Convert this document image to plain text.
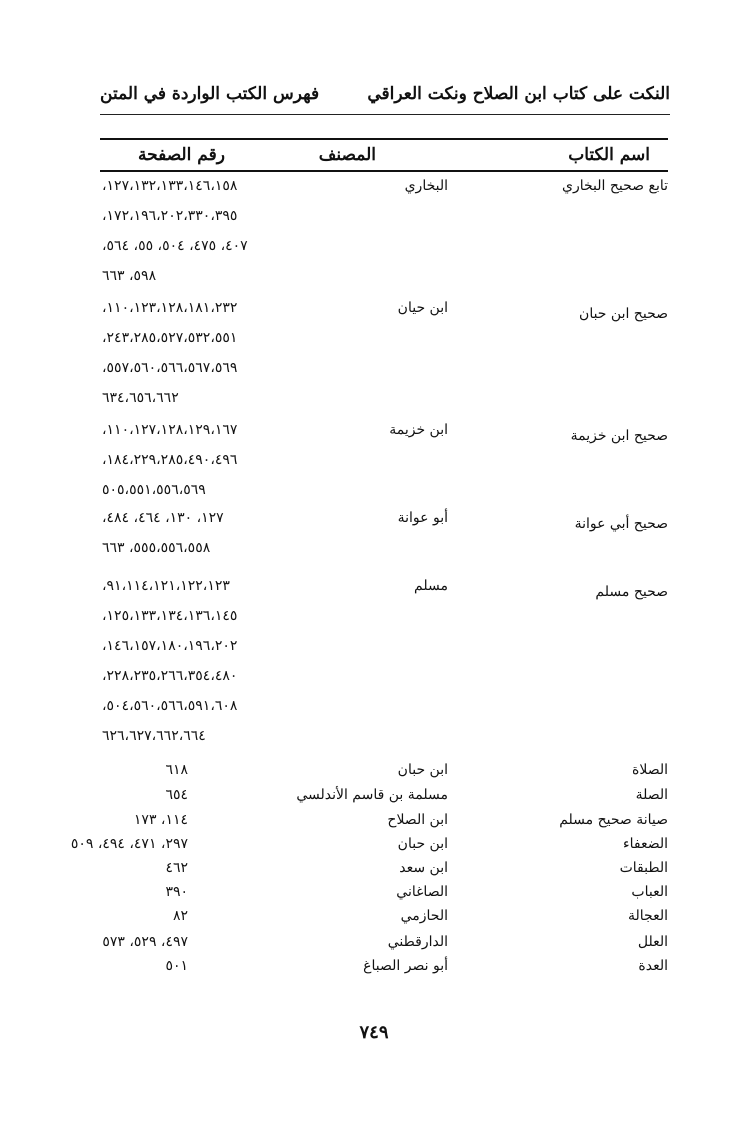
النكت على كتاب ابن الصلاح ونكت العراقي
فهرس الكتب الواردة في المتن
اسم الكتاب
المصنف
رقم الصفحة
تابع صحيح البخاري
البخاري
١٢٧،١٣٢،١٣٣،١٤٦،١٥٨،
١٧٢،١٩٦،٢٠٢،٣٣٠،٣٩٥،
٤٠٧، ٤٧٥، ٥٠٤، ٥٥، ٥٦٤،
٥٩٨، ٦٦٣
صحيح ابن حبان
ابن حيان
١١٠،١٢٣،١٢٨،١٨١،٢٣٢،
٢٤٣،٢٨٥،٥٢٧،٥٣٢،٥٥١،
٥٥٧،٥٦٠،٥٦٦،٥٦٧،٥٦٩،
٦٣٤،٦٥٦،٦٦٢
صحيح ابن خزيمة
ابن خزيمة
١١٠،١٢٧،١٢٨،١٢٩،١٦٧،
١٨٤،٢٢٩،٢٨٥،٤٩٠،٤٩٦،
٥٠٥،٥٥١،٥٥٦،٥٦٩
صحيح أبي عوانة
أبو عوانة
١٢٧، ١٣٠، ٤٦٤، ٤٨٤،
٥٥٥،٥٥٦،٥٥٨، ٦٦٣
صحيح مسلم
مسلم
٩١،١١٤،١٢١،١٢٢،١٢٣،
١٢٥،١٣٣،١٣٤،١٣٦،١٤٥،
١٤٦،١٥٧،١٨٠،١٩٦،٢٠٢،
٢٢٨،٢٣٥،٢٦٦،٣٥٤،٤٨٠،
٥٠٤،٥٦٠،٥٦٦،٥٩١،٦٠٨،
٦٢٦،٦٢٧،٦٦٢،٦٦٤
الصلاة
ابن حبان
٦١٨
الصلة
مسلمة بن قاسم الأندلسي
٦٥٤
صيانة صحيح مسلم
ابن الصلاح
١١٤، ١٧٣
الضعفاء
ابن حبان
٢٩٧، ٤٧١، ٤٩٤، ٥٠٩
الطبقات
ابن سعد
٤٦٢
العباب
الصاغاني
٣٩٠
العجالة
الحازمي
٨٢
العلل
الدارقطني
٤٩٧، ٥٢٩، ٥٧٣
العدة
أبو نصر الصباغ
٥٠١
٧٤٩
